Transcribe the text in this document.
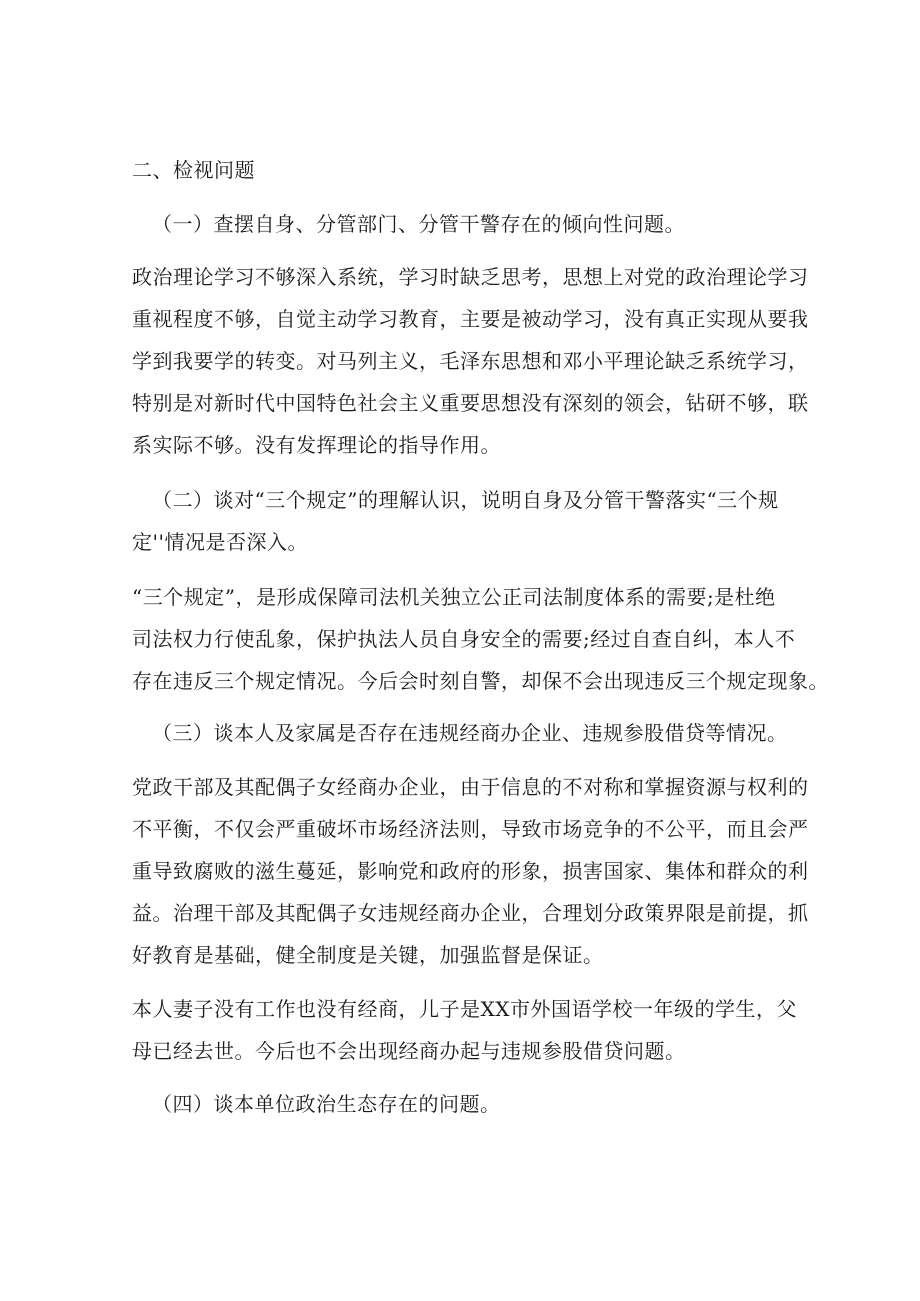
二、检视问题
（一）查摆自身、分管部门、分管干警存在的倾向性问题。
政治理论学习不够深入系统，学习时缺乏思考，思想上对党的政治理论学习
重视程度不够，自觉主动学习教育，主要是被动学习，没有真正实现从要我
学到我要学的转变。对马列主义，毛泽东思想和邓小平理论缺乏系统学习，
特别是对新时代中国特色社会主义重要思想没有深刻的领会，钻研不够，联
系实际不够。没有发挥理论的指导作用。
（二）谈对“三个规定”的理解认识，说明自身及分管干警落实“三个规
定''情况是否深入。
“三个规定”，是形成保障司法机关独立公正司法制度体系的需要;是杜绝
司法权力行使乱象，保护执法人员自身安全的需要;经过自查自纠，本人不
存在违反三个规定情况。今后会时刻自警，却保不会出现违反三个规定现象。
（三）谈本人及家属是否存在违规经商办企业、违规参股借贷等情况。
党政干部及其配偶子女经商办企业，由于信息的不对称和掌握资源与权利的
不平衡，不仅会严重破坏市场经济法则，导致市场竞争的不公平，而且会严
重导致腐败的滋生蔓延，影响党和政府的形象，损害国家、集体和群众的利
益。治理干部及其配偶子女违规经商办企业，合理划分政策界限是前提，抓
好教育是基础，健全制度是关键，加强监督是保证。
本人妻子没有工作也没有经商，儿子是XX市外国语学校一年级的学生，父
母已经去世。今后也不会出现经商办起与违规参股借贷问题。
（四）谈本单位政治生态存在的问题。
